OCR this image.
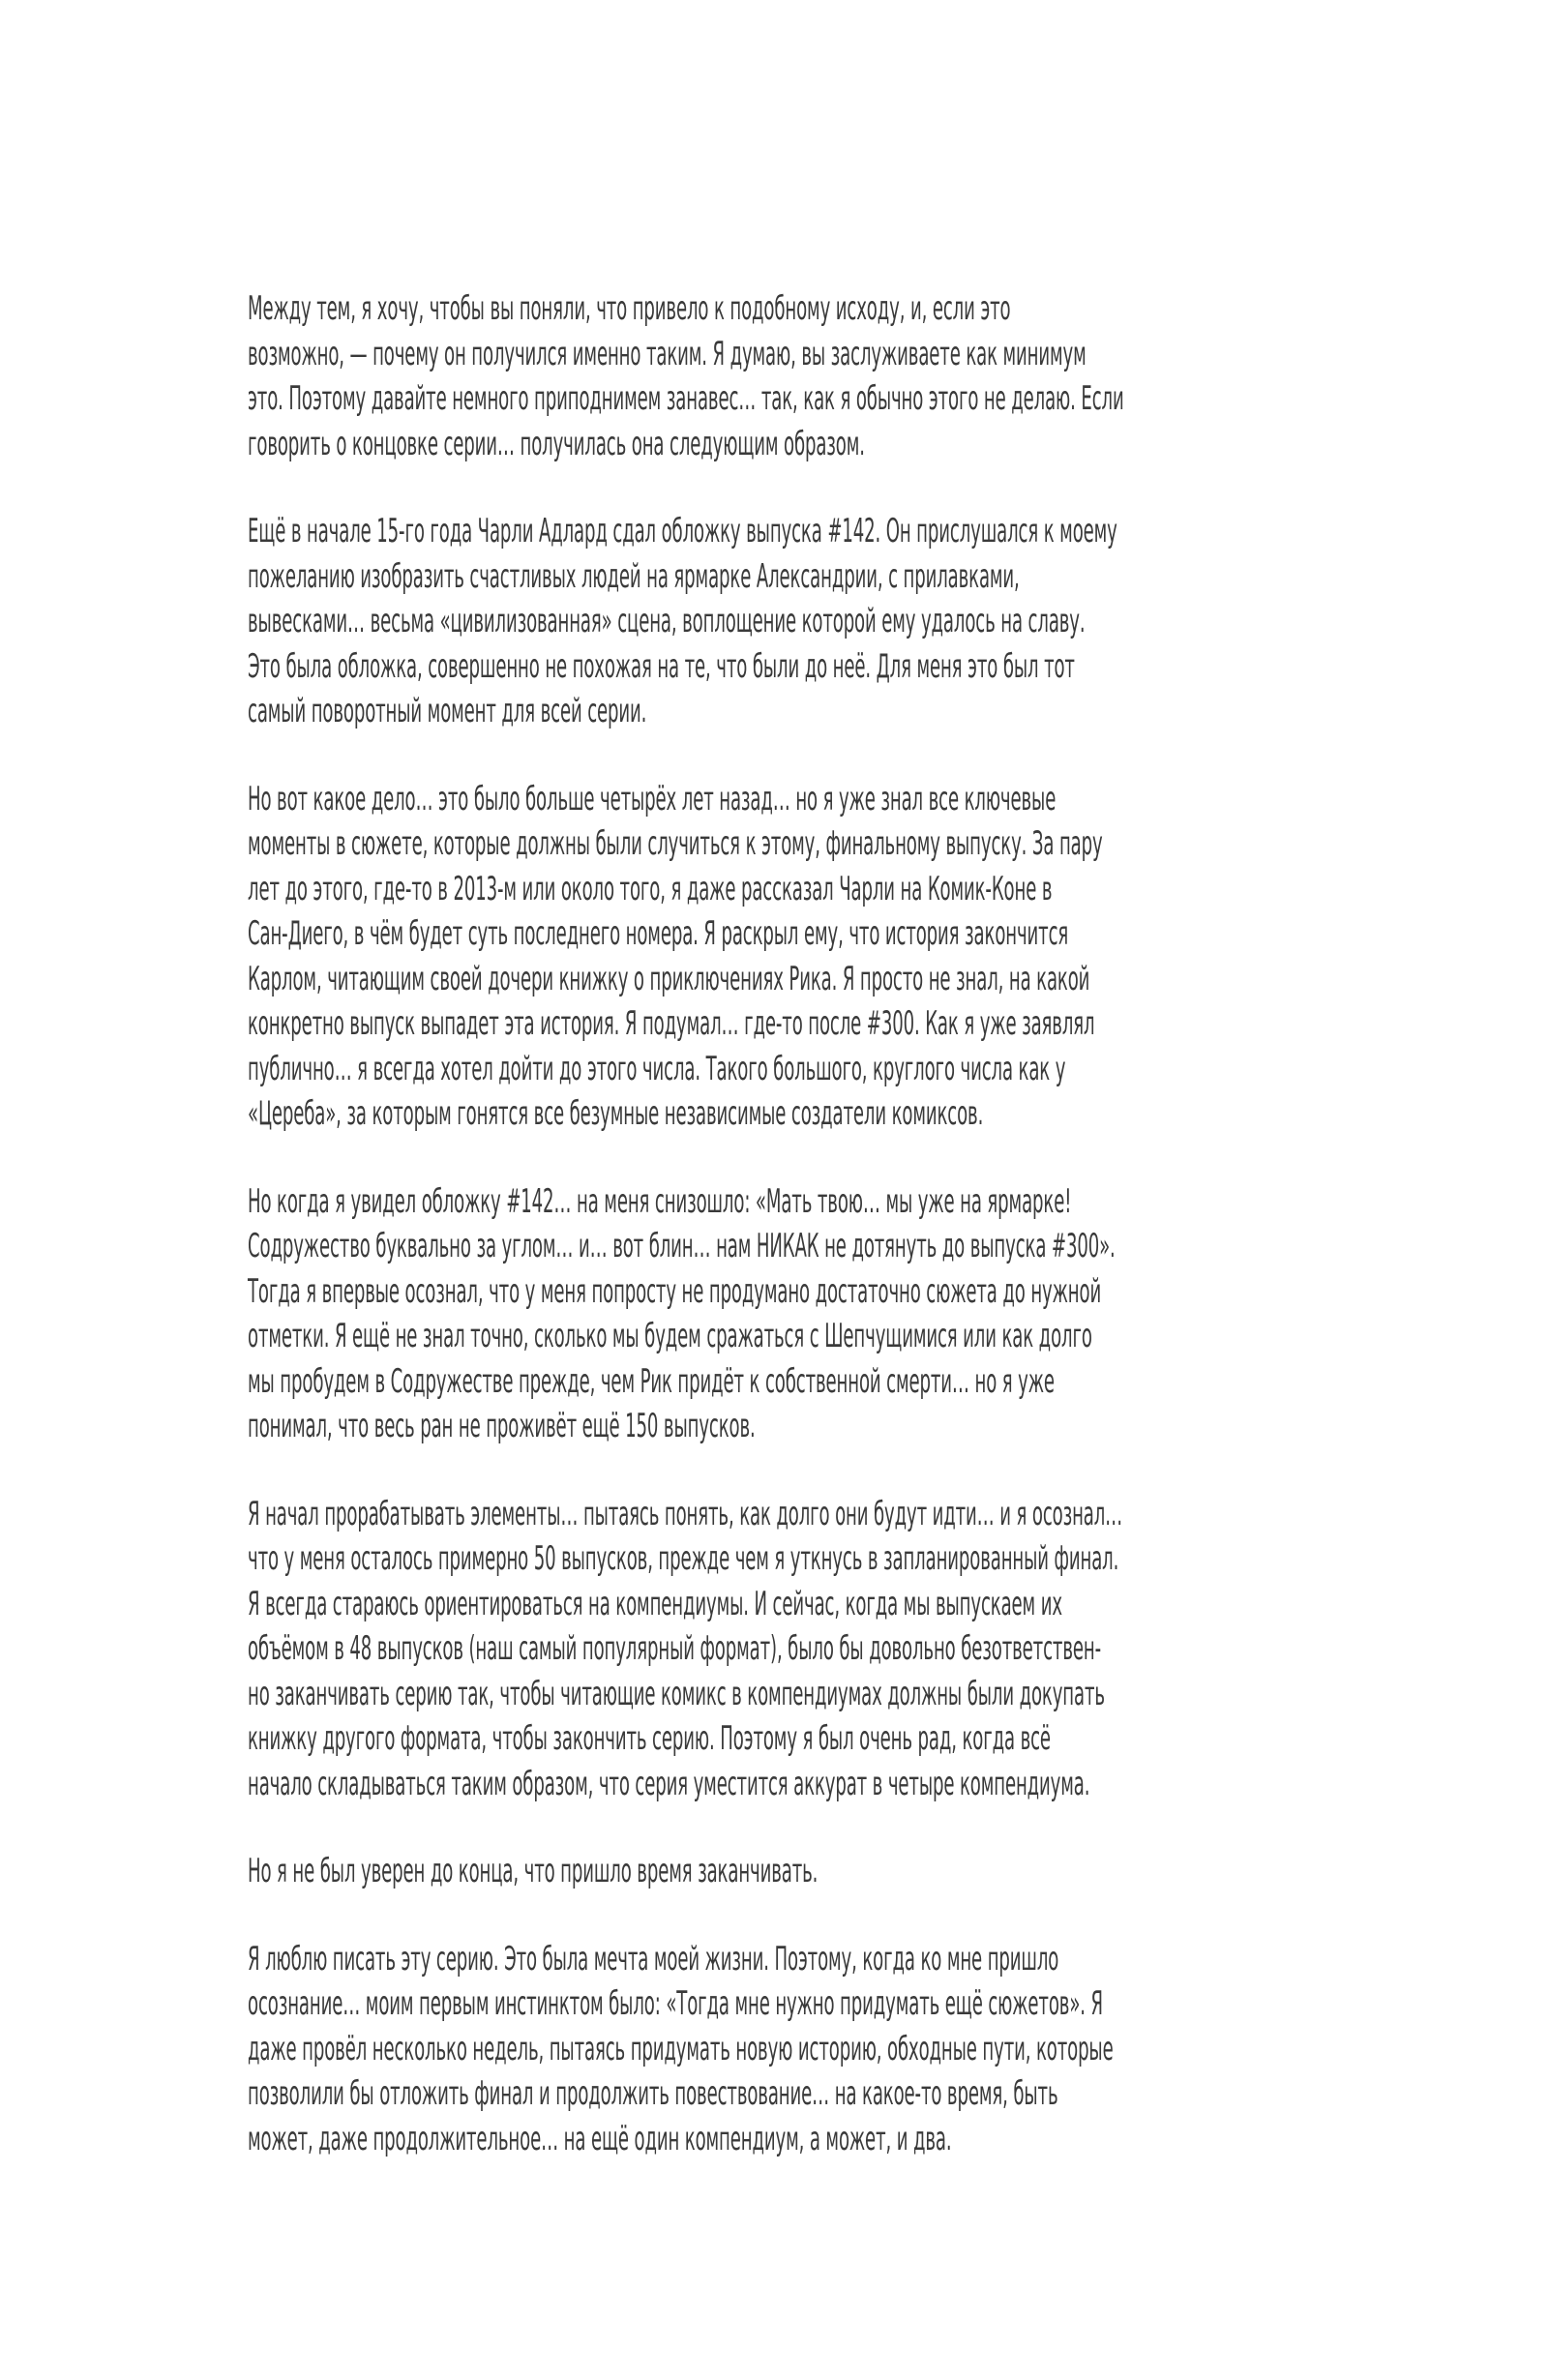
Между тем, я хочу, чтобы вы поняли, что привело к подобному исходу, и, если это
возможно, — почему он получился именно таким. Я думаю, вы заслуживаете как минимум
это. Поэтому давайте немного приподнимем занавес… так, как я обычно этого не делаю. Если
говорить о концовке серии… получилась она следующим образом.

Ещё в начале 15-го года Чарли Адлард сдал обложку выпуска #142. Он прислушался к моему
пожеланию изобразить счастливых людей на ярмарке Александрии, с прилавками,
вывесками… весьма «цивилизованная» сцена, воплощение которой ему удалось на славу.
Это была обложка, совершенно не похожая на те, что были до неё. Для меня это был тот
самый поворотный момент для всей серии.

Но вот какое дело… это было больше четырёх лет назад… но я уже знал все ключевые
моменты в сюжете, которые должны были случиться к этому, финальному выпуску. За пару
лет до этого, где-то в 2013-м или около того, я даже рассказал Чарли на Комик-Коне в
Сан-Диего, в чём будет суть последнего номера. Я раскрыл ему, что история закончится
Карлом, читающим своей дочери книжку о приключениях Рика. Я просто не знал, на какой
конкретно выпуск выпадет эта история. Я подумал… где-то после #300. Как я уже заявлял
публично… я всегда хотел дойти до этого числа. Такого большого, круглого числа как у
«Цереба», за которым гонятся все безумные независимые создатели комиксов.

Но когда я увидел обложку #142… на меня снизошло: «Мать твою… мы уже на ярмарке!
Содружество буквально за углом… и… вот блин… нам НИКАК не дотянуть до выпуска #300».
Тогда я впервые осознал, что у меня попросту не продумано достаточно сюжета до нужной
отметки. Я ещё не знал точно, сколько мы будем сражаться с Шепчущимися или как долго
мы пробудем в Содружестве прежде, чем Рик придёт к собственной смерти… но я уже
понимал, что весь ран не проживёт ещё 150 выпусков.

Я начал прорабатывать элементы… пытаясь понять, как долго они будут идти… и я осознал…
что у меня осталось примерно 50 выпусков, прежде чем я уткнусь в запланированный финал.
Я всегда стараюсь ориентироваться на компендиумы. И сейчас, когда мы выпускаем их
объёмом в 48 выпусков (наш самый популярный формат), было бы довольно безответствен-
но заканчивать серию так, чтобы читающие комикс в компендиумах должны были докупать
книжку другого формата, чтобы закончить серию. Поэтому я был очень рад, когда всё
начало складываться таким образом, что серия уместится аккурат в четыре компендиума.

Но я не был уверен до конца, что пришло время заканчивать.

Я люблю писать эту серию. Это была мечта моей жизни. Поэтому, когда ко мне пришло
осознание… моим первым инстинктом было: «Тогда мне нужно придумать ещё сюжетов». Я
даже провёл несколько недель, пытаясь придумать новую историю, обходные пути, которые
позволили бы отложить финал и продолжить повествование… на какое-то время, быть
может, даже продолжительное… на ещё один компендиум, а может, и два.
